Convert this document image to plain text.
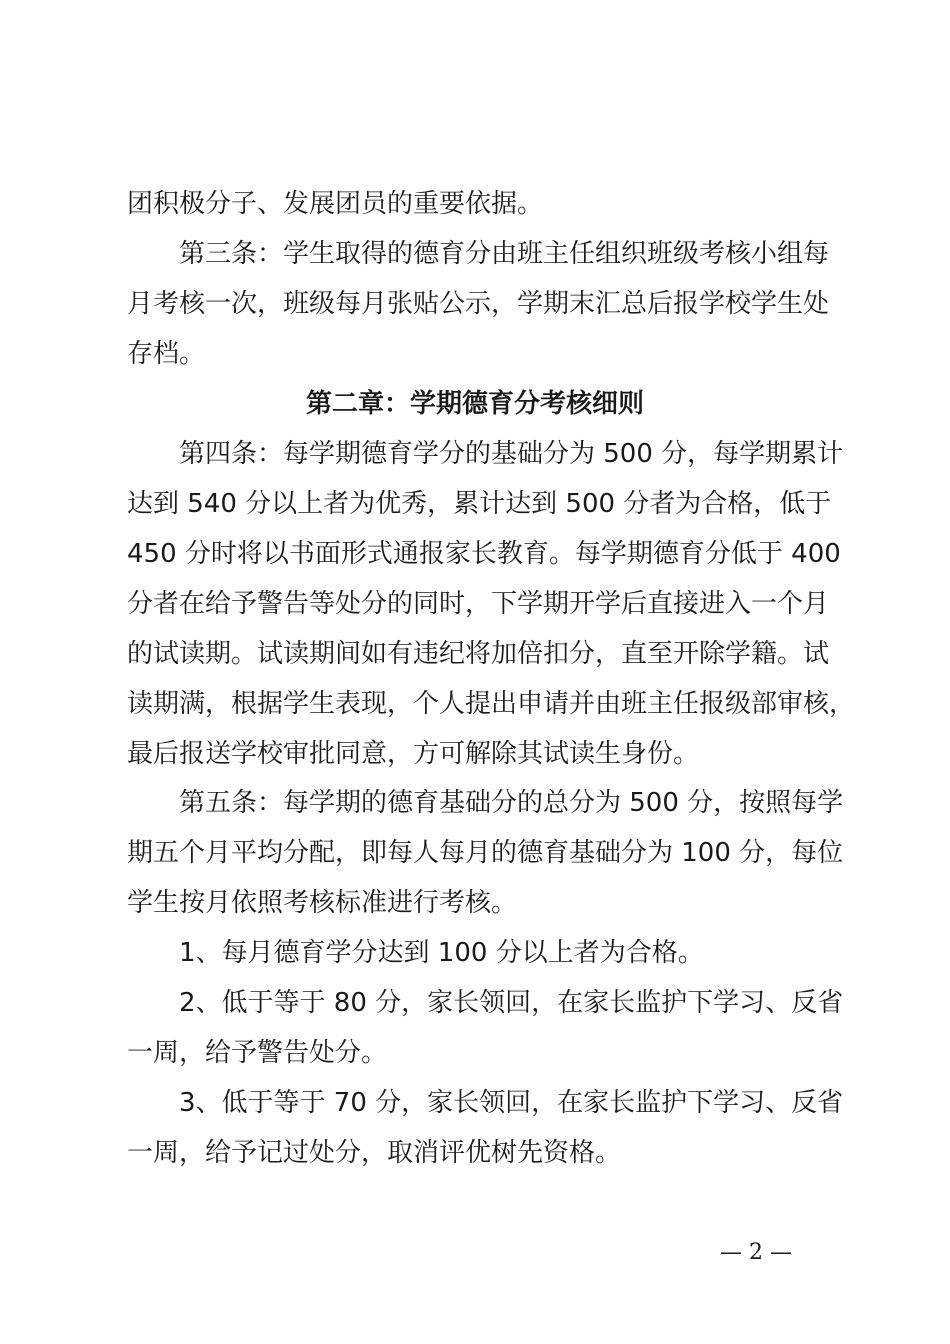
团积极分子、发展团员的重要依据。
　　第三条：学生取得的德育分由班主任组织班级考核小组每
月考核一次，班级每月张贴公示，学期末汇总后报学校学生处
存档。
第二章：学期德育分考核细则
　　第四条：每学期德育学分的基础分为 500 分，每学期累计
达到 540 分以上者为优秀，累计达到 500 分者为合格，低于
450 分时将以书面形式通报家长教育。每学期德育分低于 400
分者在给予警告等处分的同时，下学期开学后直接进入一个月
的试读期。试读期间如有违纪将加倍扣分，直至开除学籍。试
读期满，根据学生表现，个人提出申请并由班主任报级部审核，
最后报送学校审批同意，方可解除其试读生身份。
　　第五条：每学期的德育基础分的总分为 500 分，按照每学
期五个月平均分配，即每人每月的德育基础分为 100 分，每位
学生按月依照考核标准进行考核。
　　1、每月德育学分达到 100 分以上者为合格。
　　2、低于等于 80 分，家长领回，在家长监护下学习、反省
一周，给予警告处分。
　　3、低于等于 70 分，家长领回，在家长监护下学习、反省
一周，给予记过处分，取消评优树先资格。
— 2 —
